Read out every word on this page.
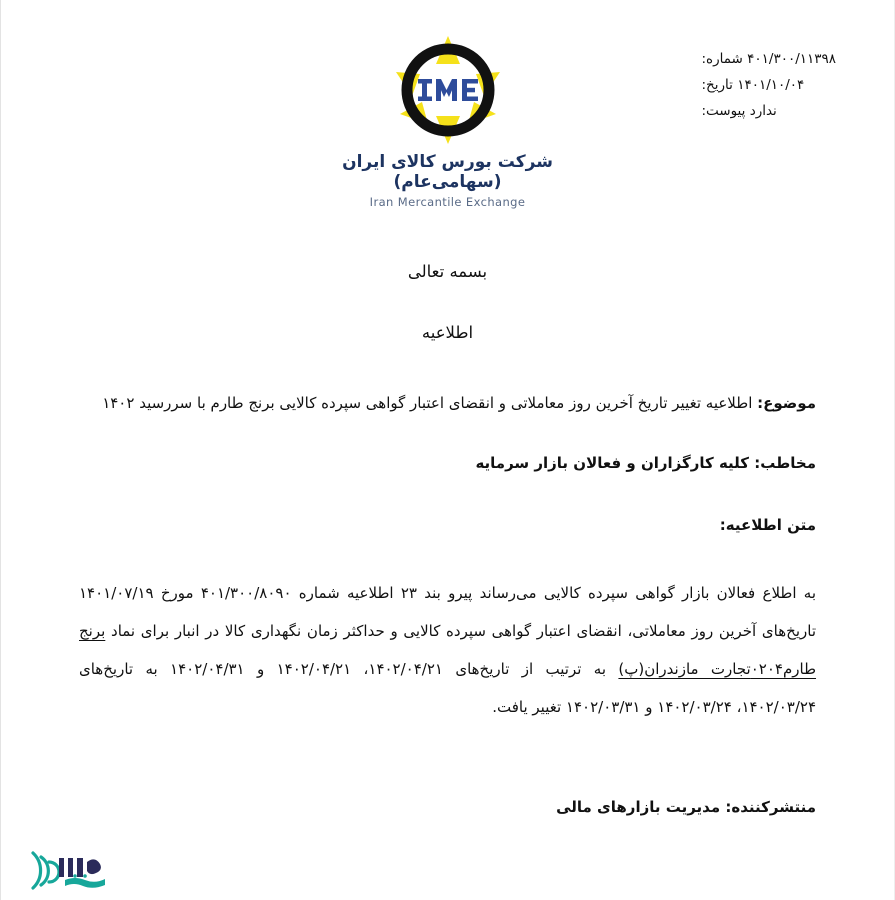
۴۰۱/۳۰۰/۱۱۳۹۸ شماره:
۱۴۰۱/۱۰/۰۴ تاریخ:
ندارد پیوست:
شرکت بورس کالای ایران (سهامی‌عام)
Iran Mercantile Exchange
بسمه تعالی
اطلاعیه
موضوع: اطلاعیه تغییر تاریخ آخرین روز معاملاتی و انقضای اعتبار گواهی سپرده کالایی برنج طارم با سررسید ۱۴۰۲
مخاطب: کلیه کارگزاران و فعالان بازار سرمایه
متن اطلاعیه:
به اطلاع فعالان بازار گواهی سپرده کالایی می‌رساند پیرو بند ۲۳ اطلاعیه شماره ۴۰۱/۳۰۰/۸۰۹۰ مورخ ۱۴۰۱/۰۷/۱۹ تاریخ‌های آخرین روز معاملاتی، انقضای اعتبار گواهی سپرده کالایی و حداکثر زمان نگهداری کالا در انبار برای نماد برنج طارم۰۲۰۴تجارت مازندران(پ) به ترتیب از تاریخ‌های ۱۴۰۲/۰۴/۲۱، ۱۴۰۲/۰۴/۲۱ و ۱۴۰۲/۰۴/۳۱ به تاریخ‌های ۱۴۰۲/۰۳/۲۴، ۱۴۰۲/۰۳/۲۴ و ۱۴۰۲/۰۳/۳۱ تغییر یافت.
منتشرکننده: مدیریت بازارهای مالی
